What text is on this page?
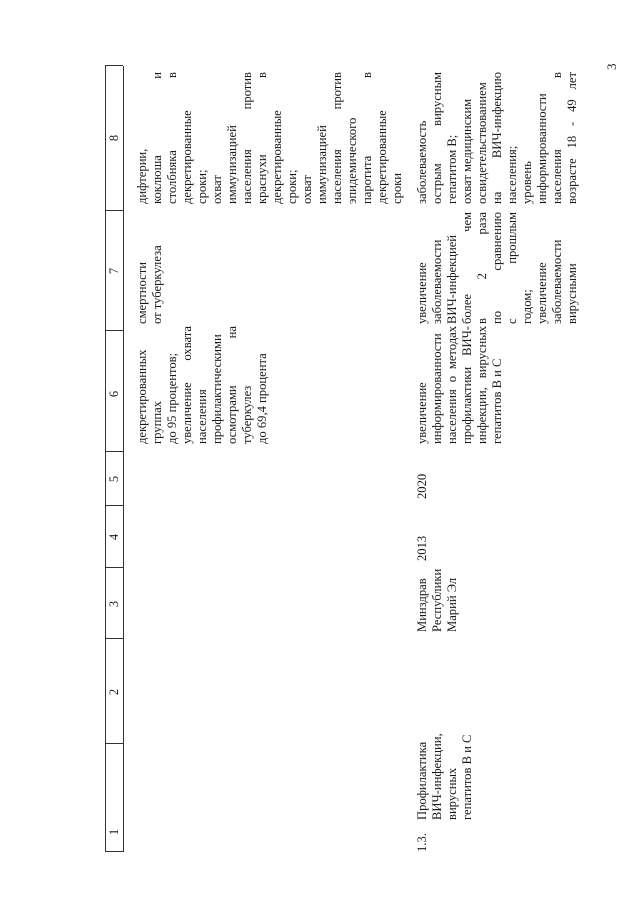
3
1
2
3
4
5
6
7
8
декретированных группах до 95 процентов; увеличение охвата населения профилактическими осмотрами на туберкулез до 69,4 процента
смертности от туберкулеза
дифтерии, коклюша и столбняка в декретированные сроки; охват иммунизацией населения против краснухи в декретированные сроки; охват иммунизацией населения против эпидемического паротита в декретированные сроки
1.3.
Профилактика ВИЧ-инфекции, вирусных гепатитов В и С
Минздрав Республики Марий Эл
2013
2020
увеличение информированности населения о методах профилактики ВИЧ- инфекции, вирусных гепатитов В и С
увеличение заболеваемости ВИЧ-инфекцией более чем в 2 раза по сравнению с прошлым годом; увеличение заболеваемости вирусными
заболеваемость острым вирусным гепатитом В; охват медицинским освидетельствованием на ВИЧ-инфекцию населения; уровень информированности населения в возрасте 18 - 49 лет
